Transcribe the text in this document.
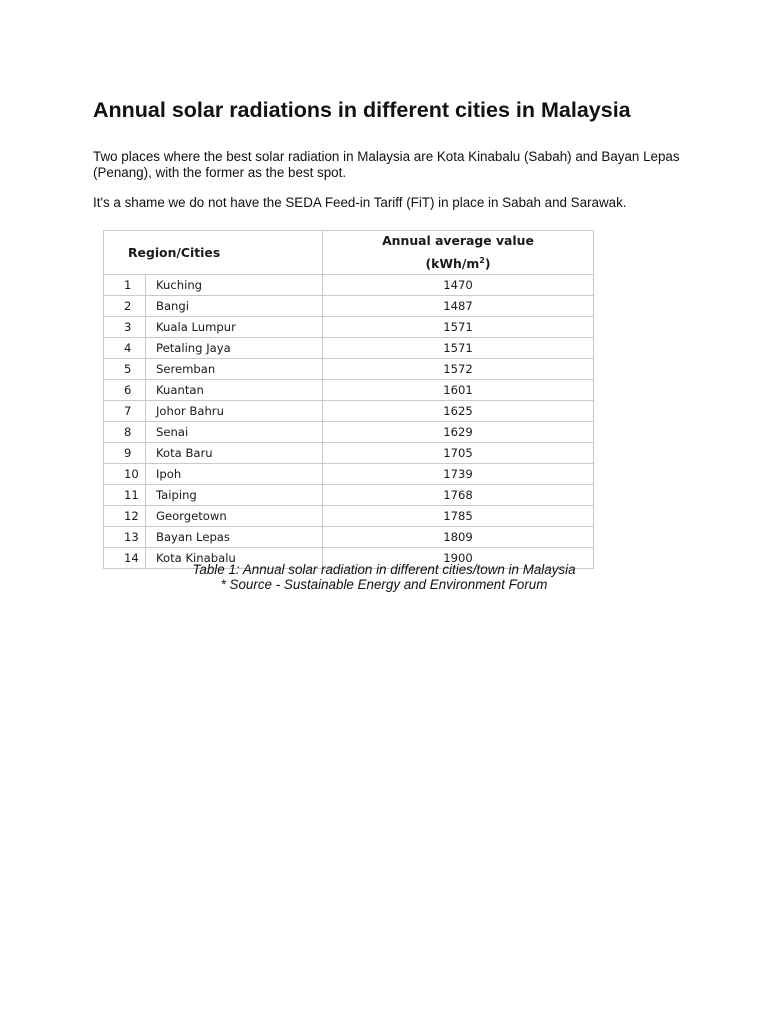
Annual solar radiations in different cities in Malaysia

Two places where the best solar radiation in Malaysia are Kota Kinabalu (Sabah) and Bayan Lepas (Penang), with the former as the best spot.

It's a shame we do not have the SEDA Feed-in Tariff (FiT) in place in Sabah and Sarawak.

Region/Cities		Annual average value
$(kWh/m^2)$
1	Kuching	1470
2	Bangi	1487
3	Kuala Lumpur	1571
4	Petaling Jaya	1571
5	Seremban	1572
6	Kuantan	1601
7	Johor Bahru	1625
8	Senai	1629
9	Kota Baru	1705
10	Ipoh	1739
11	Taiping	1768
12	Georgetown	1785
13	Bayan Lepas	1809
14	Kota Kinabalu	1900

Table 1: Annual solar radiation in different cities/town in Malaysia

* Source - Sustainable Energy and Environment Forum
